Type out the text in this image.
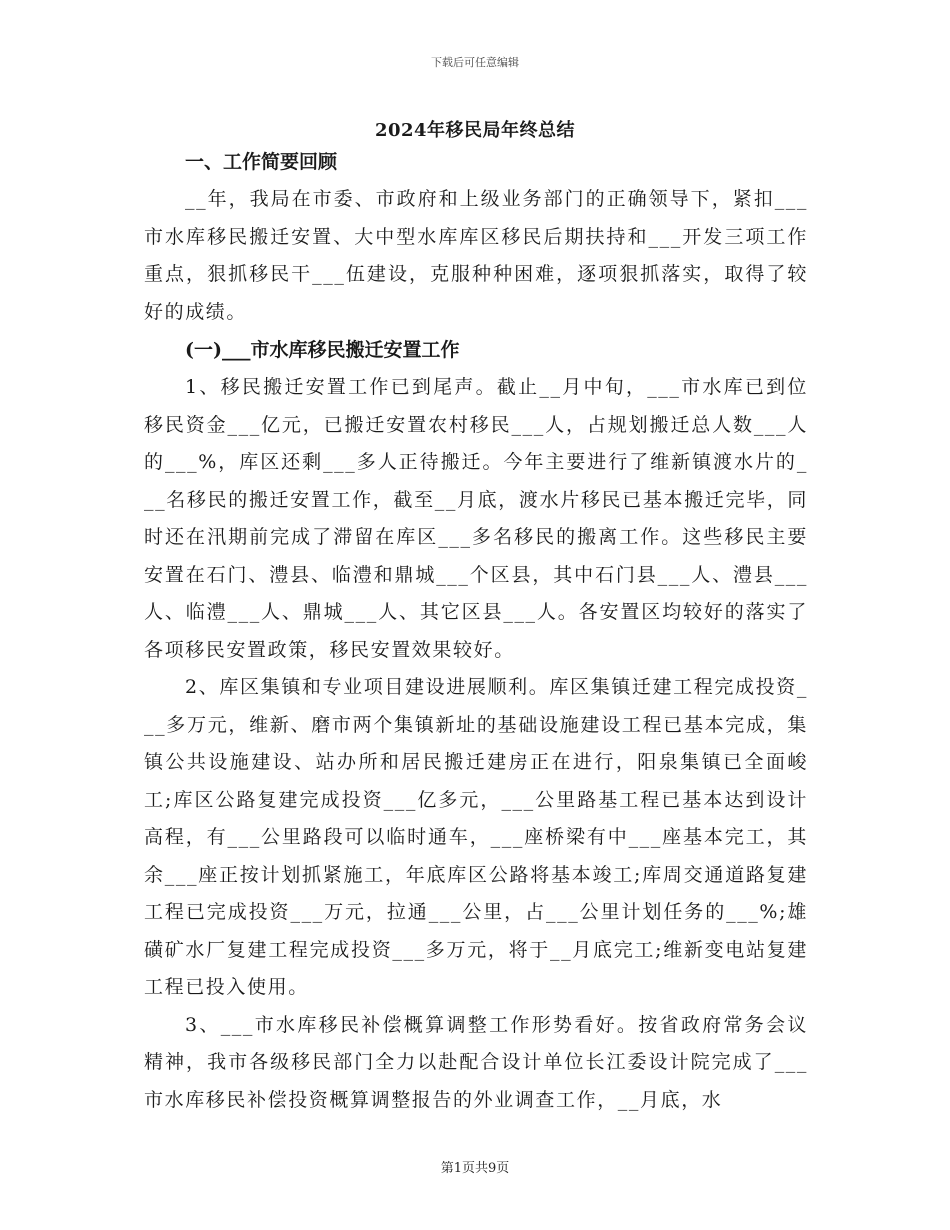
下载后可任意编辑
2024年移民局年终总结

一、工作简要回顾

__年，我局在市委、市政府和上级业务部门的正确领导下，紧扣___市水库移民搬迁安置、大中型水库库区移民后期扶持和___开发三项工作重点，狠抓移民干___伍建设，克服种种困难，逐项狠抓落实，取得了较好的成绩。

(一)___市水库移民搬迁安置工作

1、移民搬迁安置工作已到尾声。截止__月中旬，___市水库已到位移民资金___亿元，已搬迁安置农村移民___人，占规划搬迁总人数___人的___%，库区还剩___多人正待搬迁。今年主要进行了维新镇渡水片的___名移民的搬迁安置工作，截至__月底，渡水片移民已基本搬迁完毕，同时还在汛期前完成了滞留在库区___多名移民的搬离工作。这些移民主要安置在石门、澧县、临澧和鼎城___个区县，其中石门县___人、澧县___人、临澧___人、鼎城___人、其它区县___人。各安置区均较好的落实了各项移民安置政策，移民安置效果较好。

2、库区集镇和专业项目建设进展顺利。库区集镇迁建工程完成投资___多万元，维新、磨市两个集镇新址的基础设施建设工程已基本完成，集镇公共设施建设、站办所和居民搬迁建房正在进行，阳泉集镇已全面峻工;库区公路复建完成投资___亿多元，___公里路基工程已基本达到设计高程，有___公里路段可以临时通车，___座桥梁有中___座基本完工，其余___座正按计划抓紧施工，年底库区公路将基本竣工;库周交通道路复建工程已完成投资___万元，拉通___公里，占___公里计划任务的___%;雄磺矿水厂复建工程完成投资___多万元，将于__月底完工;维新变电站复建工程已投入使用。

3、___市水库移民补偿概算调整工作形势看好。按省政府常务会议精神，我市各级移民部门全力以赴配合设计单位长江委设计院完成了___市水库移民补偿投资概算调整报告的外业调查工作，__月底，水

第1页共9页
